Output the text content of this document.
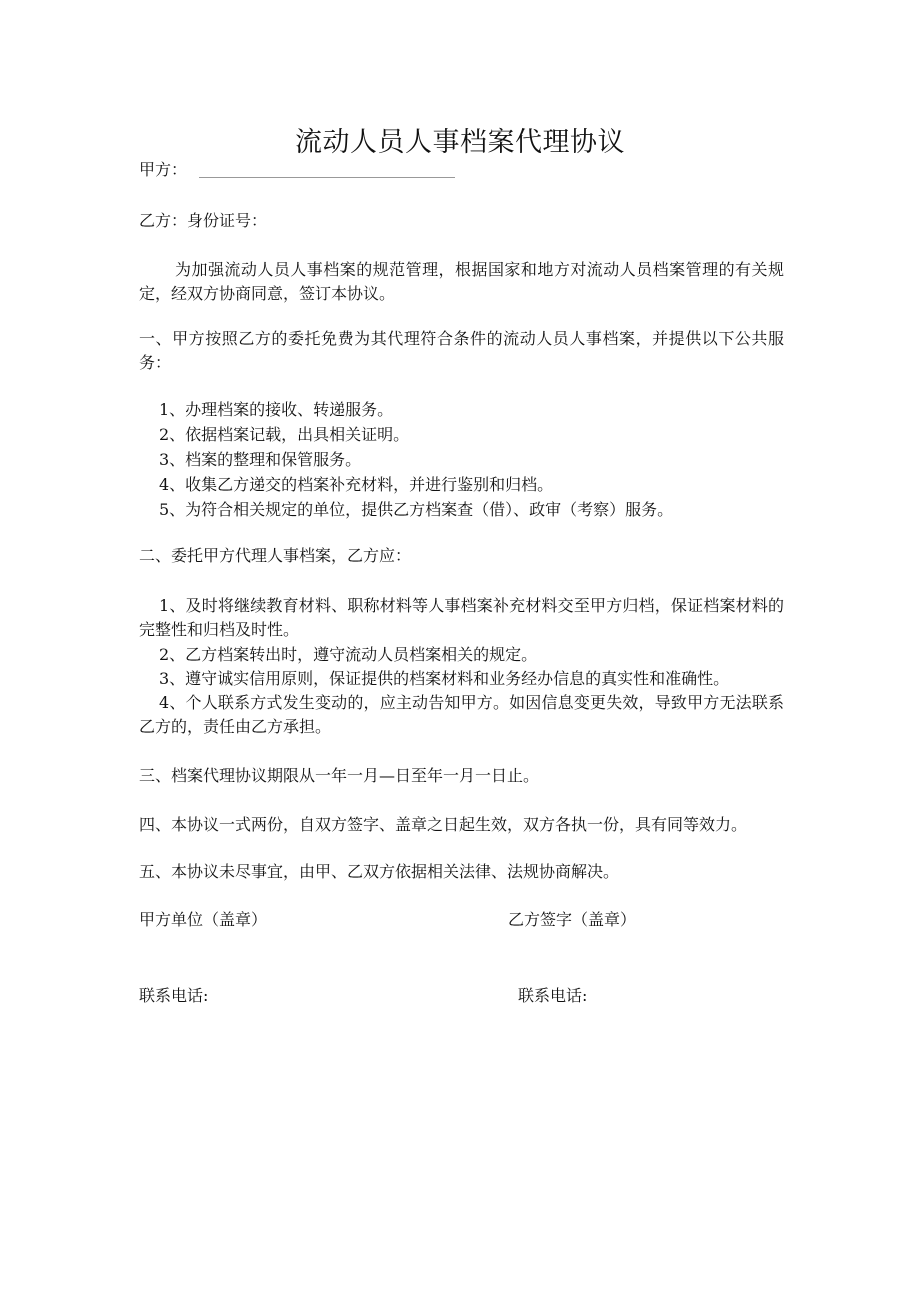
流动人员人事档案代理协议
甲方：
乙方：身份证号：
为加强流动人员人事档案的规范管理，根据国家和地方对流动人员档案管理的有关规定，经双方协商同意，签订本协议。
一、甲方按照乙方的委托免费为其代理符合条件的流动人员人事档案，并提供以下公共服务：
1、办理档案的接收、转递服务。
2、依据档案记载，出具相关证明。
3、档案的整理和保管服务。
4、收集乙方递交的档案补充材料，并进行鉴别和归档。
5、为符合相关规定的单位，提供乙方档案查（借）、政审（考察）服务。
二、委托甲方代理人事档案，乙方应：
1、及时将继续教育材料、职称材料等人事档案补充材料交至甲方归档，保证档案材料的完整性和归档及时性。
2、乙方档案转出时，遵守流动人员档案相关的规定。
3、遵守诚实信用原则，保证提供的档案材料和业务经办信息的真实性和准确性。
4、个人联系方式发生变动的，应主动告知甲方。如因信息变更失效，导致甲方无法联系乙方的，责任由乙方承担。
三、档案代理协议期限从一年一月—日至年一月一日止。
四、本协议一式两份，自双方签字、盖章之日起生效，双方各执一份，具有同等效力。
五、本协议未尽事宜，由甲、乙双方依据相关法律、法规协商解决。
甲方单位（盖章）	乙方签字（盖章）
联系电话:	联系电话:
